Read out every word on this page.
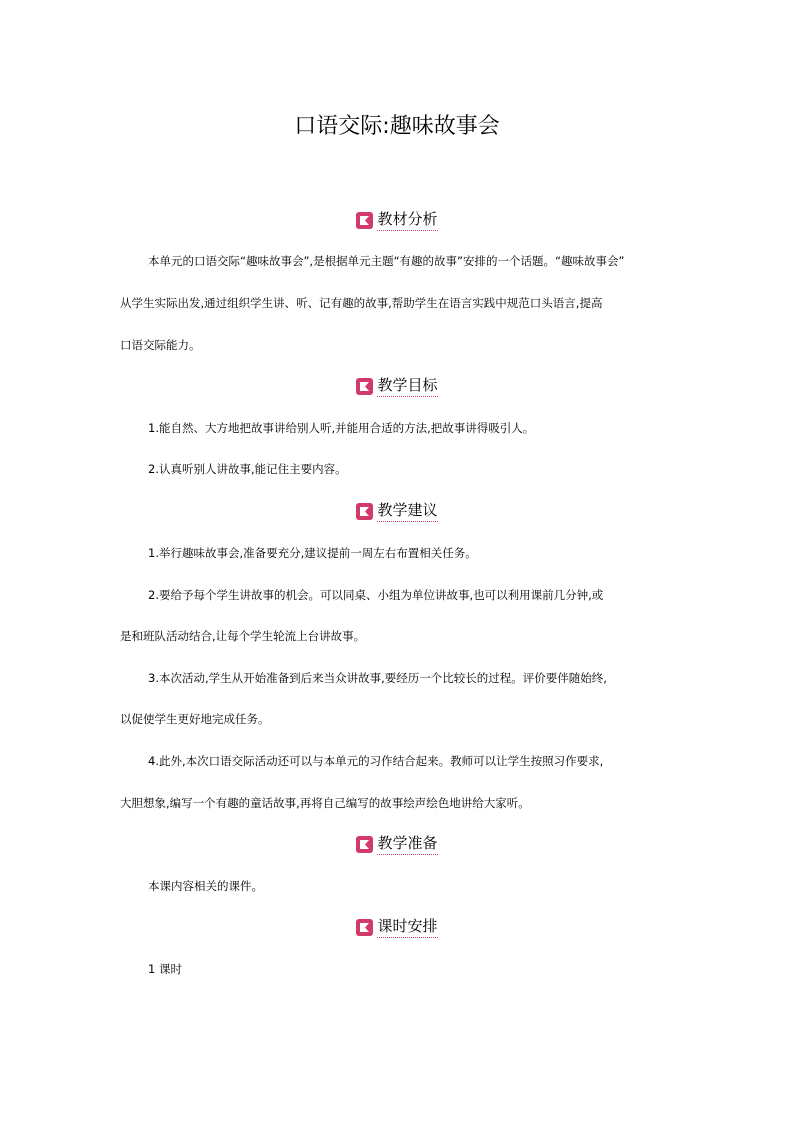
口语交际:趣味故事会
教材分析
本单元的口语交际“趣味故事会”,是根据单元主题“有趣的故事”安排的一个话题。“趣味故事会”
从学生实际出发,通过组织学生讲、听、记有趣的故事,帮助学生在语言实践中规范口头语言,提高
口语交际能力。
教学目标
1.能自然、大方地把故事讲给别人听,并能用合适的方法,把故事讲得吸引人。
2.认真听别人讲故事,能记住主要内容。
教学建议
1.举行趣味故事会,准备要充分,建议提前一周左右布置相关任务。
2.要给予每个学生讲故事的机会。可以同桌、小组为单位讲故事,也可以利用课前几分钟,或
是和班队活动结合,让每个学生轮流上台讲故事。
3.本次活动,学生从开始准备到后来当众讲故事,要经历一个比较长的过程。评价要伴随始终,
以促使学生更好地完成任务。
4.此外,本次口语交际活动还可以与本单元的习作结合起来。教师可以让学生按照习作要求,
大胆想象,编写一个有趣的童话故事,再将自己编写的故事绘声绘色地讲给大家听。
教学准备
本课内容相关的课件。
课时安排
1 课时
